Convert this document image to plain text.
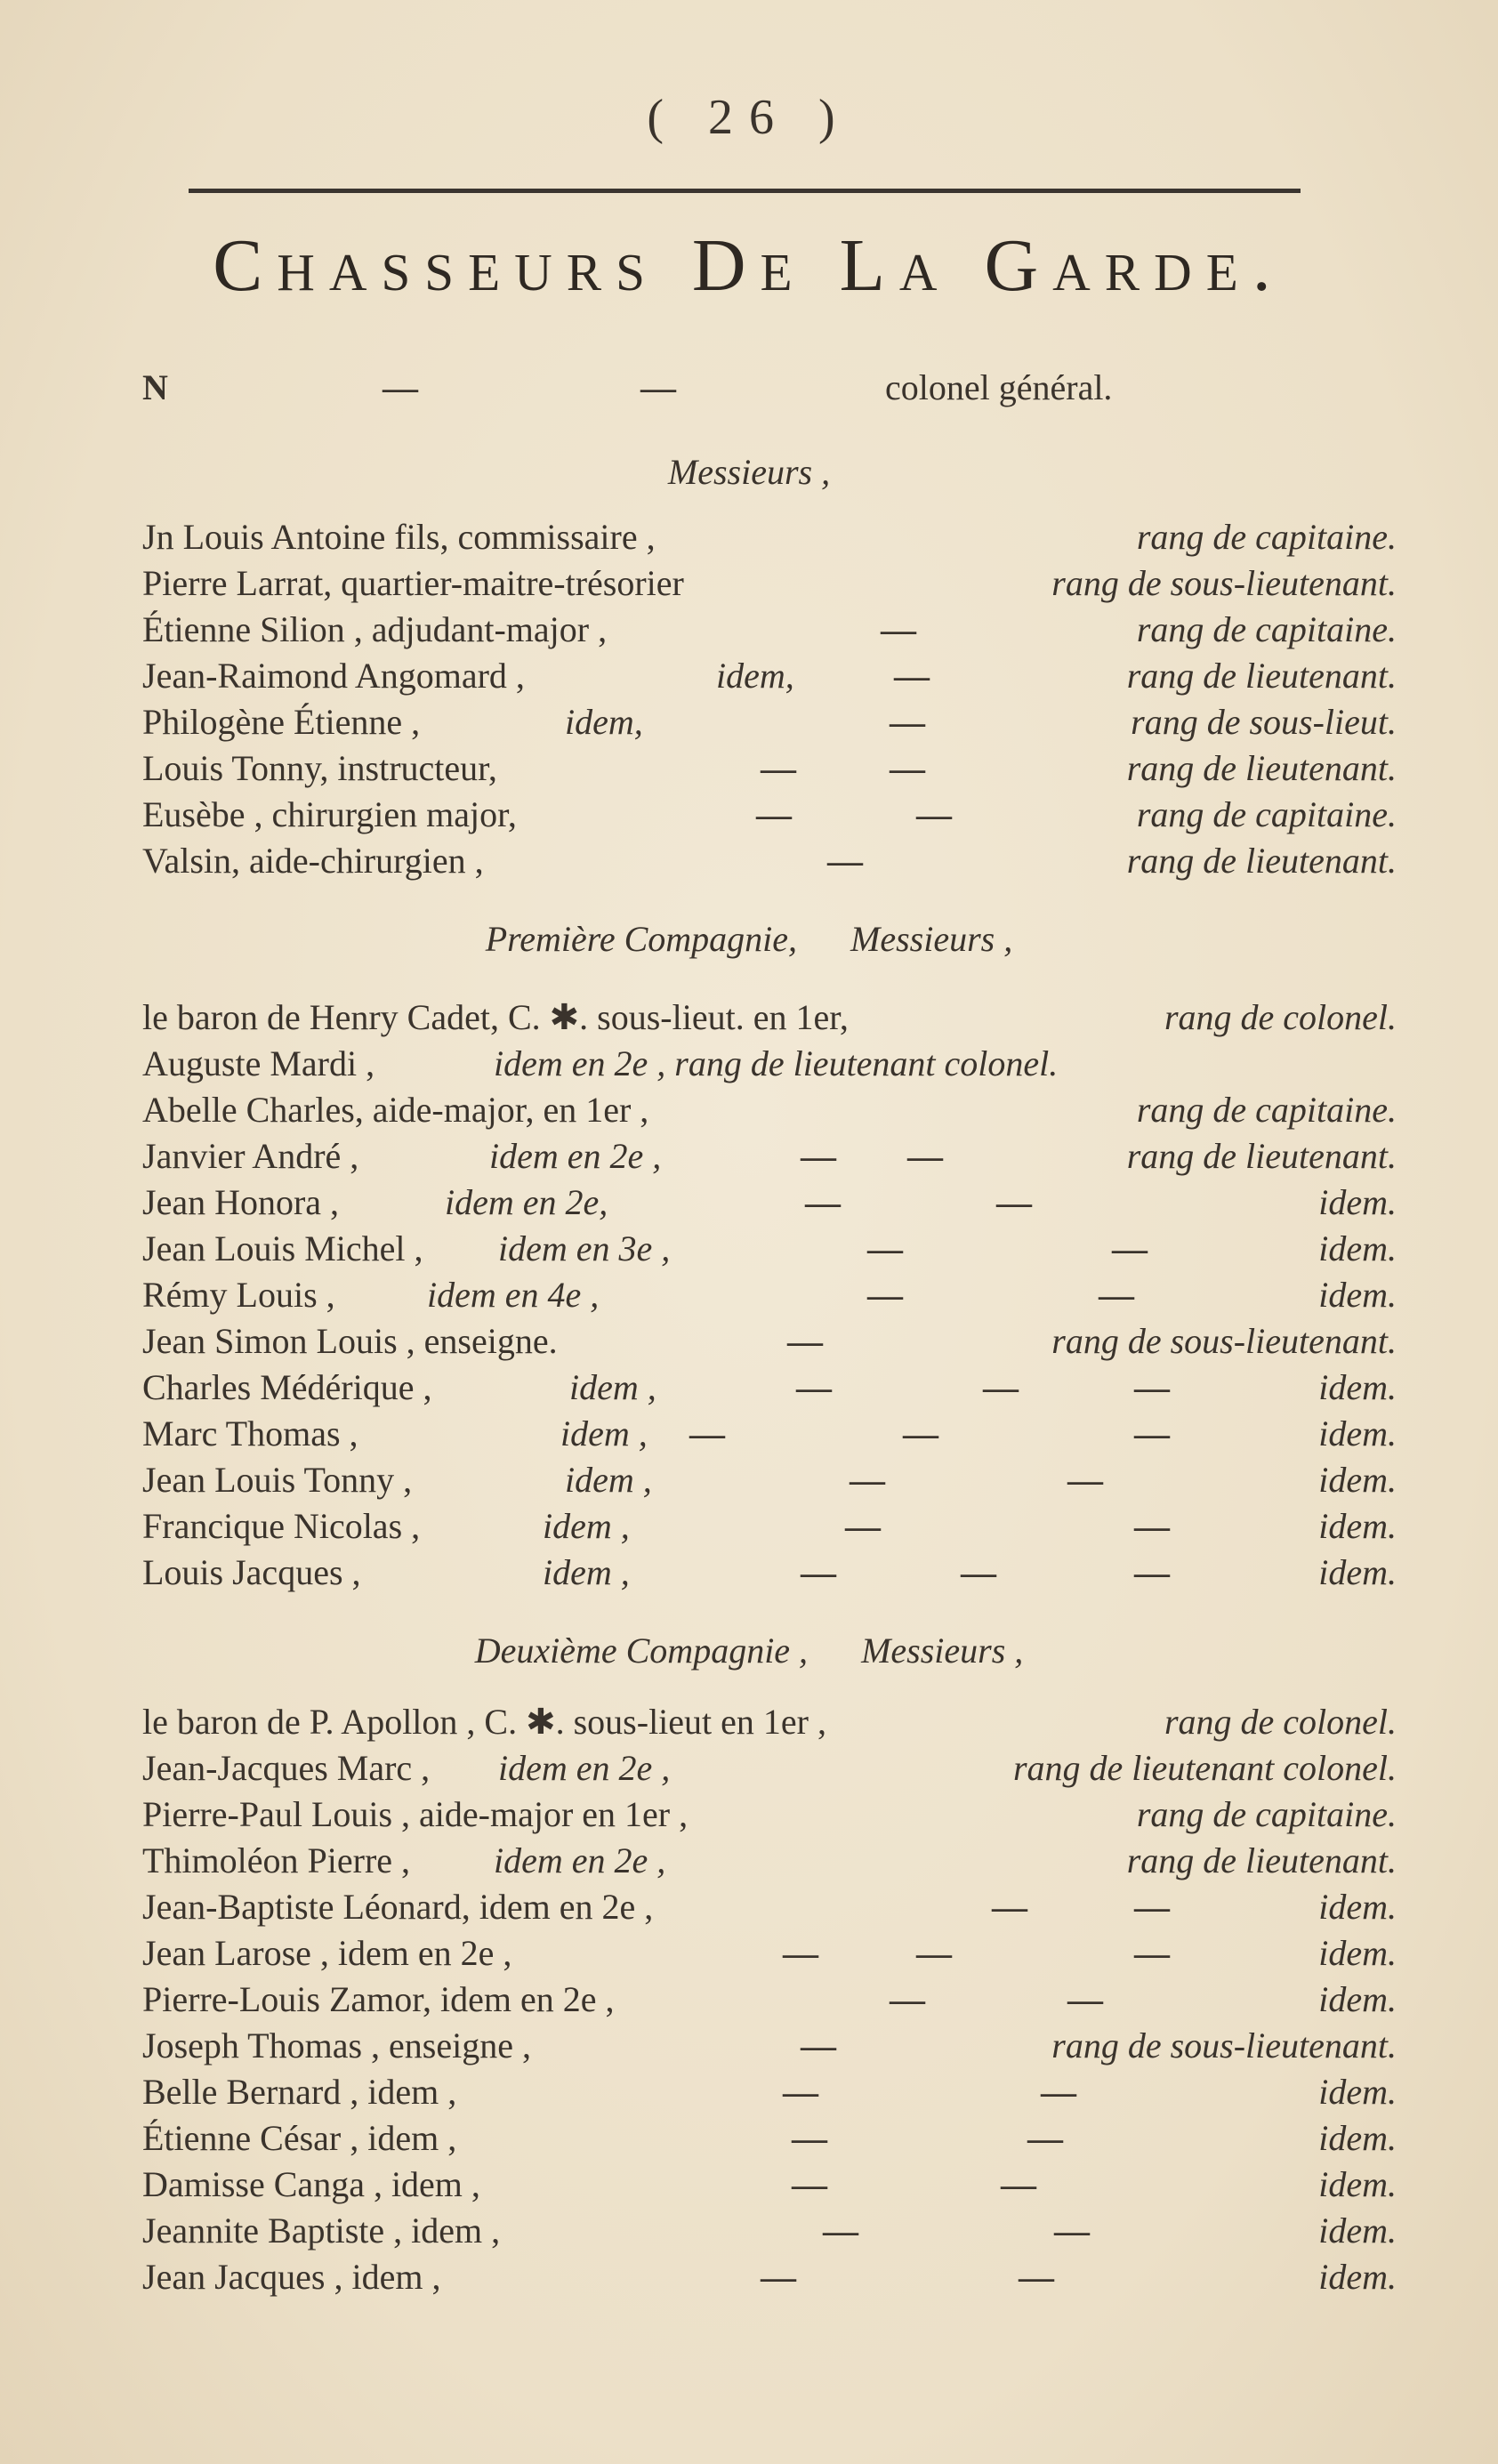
( 26 )
Chasseurs De La Garde.
N	—	—	colonel général.
Messieurs ,
Jn Louis Antoine fils, commissaire ,	rang de capitaine.
Pierre Larrat, quartier-maitre-trésorier	rang de sous-lieutenant.
Étienne Silion , adjudant-major ,	—	rang de capitaine.
Jean-Raimond Angomard ,	idem,	—	rang de lieutenant.
Philogène Étienne ,	idem,	—	rang de sous-lieut.
Louis Tonny, instructeur,	—	—	rang de lieutenant.
Eusèbe , chirurgien major,	—	—	rang de capitaine.
Valsin, aide-chirurgien ,	—	rang de lieutenant.
Première Compagnie, Messieurs ,
le baron de Henry Cadet, C. ✱. sous-lieut. en 1er,	rang de colonel.
Auguste Mardi ,	idem en 2e , rang de lieutenant colonel.
Abelle Charles, aide-major, en 1er ,	rang de capitaine.
Janvier André ,	idem en 2e ,	— —	rang de lieutenant.
Jean Honora ,	idem en 2e,	—	—	idem.
Jean Louis Michel , idem en 3e ,	—	—	idem.
Rémy Louis ,	idem en 4e ,	—	—	idem.
Jean Simon Louis , enseigne.	—	rang de sous-lieutenant.
Charles Médérique ,	idem ,	—	—	—	idem.
Marc Thomas ,	idem , —	—	—	idem.
Jean Louis Tonny ,	idem ,	—	—	idem.
Francique Nicolas ,	idem ,	—	—	idem.
Louis Jacques ,	idem ,	—	—	—	idem.
Deuxième Compagnie , Messieurs ,
le baron de P. Apollon , C. ✱. sous-lieut en 1er ,	rang de colonel.
Jean-Jacques Marc , idem en 2e ,	rang de lieutenant colonel.
Pierre-Paul Louis , aide-major en 1er ,	rang de capitaine.
Thimoléon Pierre , idem en 2e ,	rang de lieutenant.
Jean-Baptiste Léonard, idem en 2e ,	—	—	idem.
Jean Larose , idem en 2e ,	—	—	—	idem.
Pierre-Louis Zamor, idem en 2e ,	—	—	idem.
Joseph Thomas , enseigne ,	—	rang de sous-lieutenant.
Belle Bernard , idem ,	—	—	idem.
Étienne César , idem ,	—	—	idem.
Damisse Canga , idem ,	—	—	idem.
Jeannite Baptiste , idem ,	—	—	idem.
Jean Jacques , idem ,	—	—	idem.
